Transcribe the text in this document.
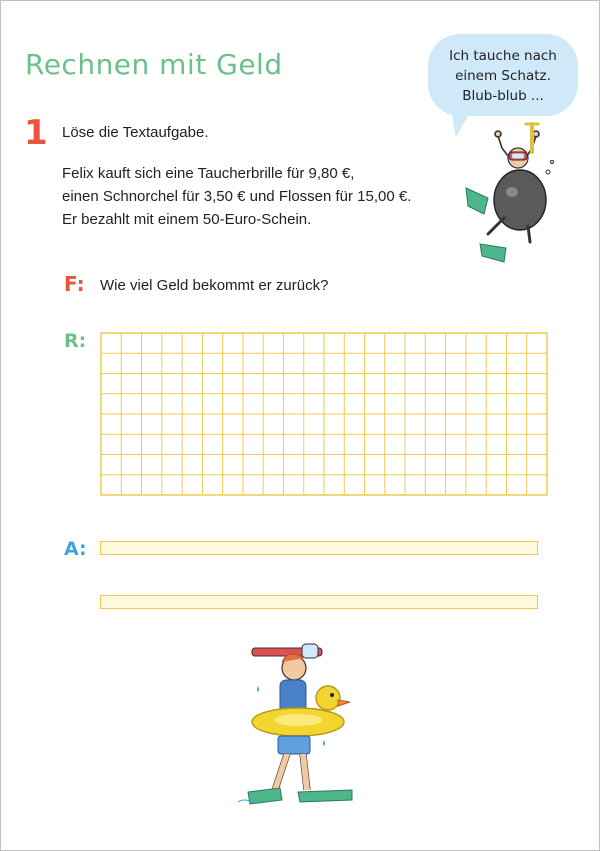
Rechnen mit Geld
1 Löse die Textaufgabe.
Felix kauft sich eine Taucherbrille für 9,80 €,
einen Schnorchel für 3,50 € und Flossen für 15,00 €.
Er bezahlt mit einem 50-Euro-Schein.
Ich tauche nach
einem Schatz.
Blub-blub ...
F: Wie viel Geld bekommt er zurück?
R:
A:
